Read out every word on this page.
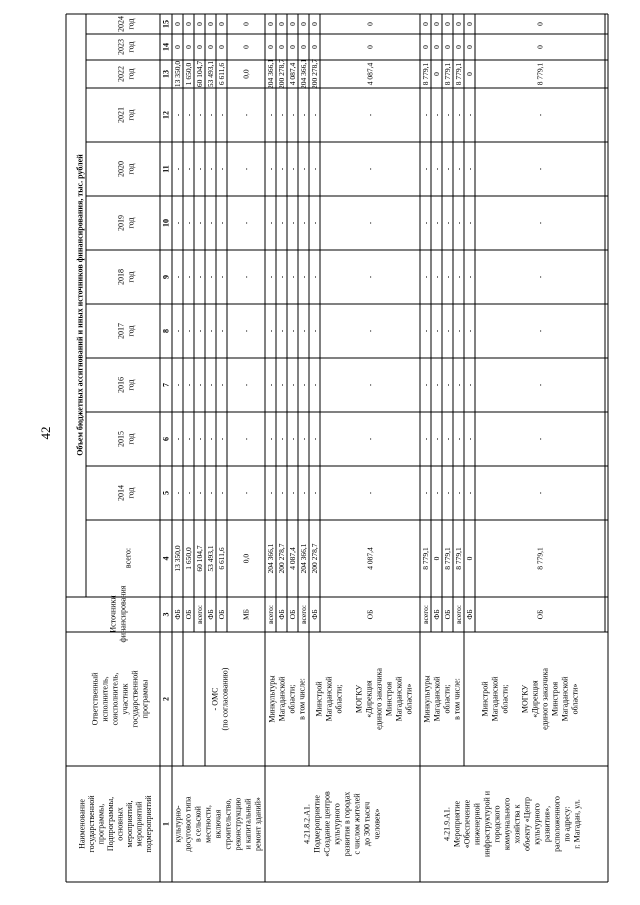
42	Объем бюджетных ассигнований и иных источников финансирования, тыс. рублей
Наименование государственной программы, Подпрограммы, основных мероприятий, мероприятий подмероприятий
Ответственный исполнитель, соисполнитель, участник государственной программы
Источники финансирования
всего:
2014 год
2015 год
2016 год
2017 год
2018 год
2019 год
2020 год
2021 год
2022 год
2023 год
2024 год
1
2
3
4
5
6
7
8
9
10
11
12
13
14
15
ФБ
13 350,0
-
-
-
-
-
-
-
-
13 350,0
0
0
ОБ
1 650,0
-
-
-
-
-
-
-
-
1 650,0
0
0
всего:
60 104,7
-
-
-
-
-
-
-
-
60 104,7
0
0
ФБ
53 493,1
-
-
-
-
-
-
-
-
53 493,1
0
0
ОБ
6 611,6
-
-
-
-
-
-
-
-
6 611,6
0
0
МБ
0,0
-
-
-
-
-
-
-
-
0,0
0
0
всего:
204 366,1
-
-
-
-
-
-
-
-
204 366,1
0
0
ФБ
200 278,7
-
-
-
-
-
-
-
-
200 278,7
0
0
ОБ
4 087,4
-
-
-
-
-
-
-
-
4 087,4
0
0
всего:
204 366,1
-
-
-
-
-
-
-
-
204 366,1
0
0
ФБ
200 278,7
-
-
-
-
-
-
-
-
200 278,7
0
0
ОБ
4 087,4
-
-
-
-
-
-
-
-
4 087,4
0
0
всего:
8 779,1
-
-
-
-
-
-
-
-
8 779,1
0
0
ФБ
0
-
-
-
-
-
-
-
-
0
0
0
ОБ
8 779,1
-
-
-
-
-
-
-
-
8 779,1
0
0
всего:
8 779,1
-
-
-
-
-
-
-
-
8 779,1
0
0
ФБ
0
-
-
-
-
-
-
-
-
0
0
0
ОБ
8 779,1
-
-
-
-
-
-
-
-
8 779,1
0
0
культурно- досугового типа в сельской местности, включая строительство, реконструкцию и капитальный ремонт зданий»
- ОМС (по согласованию)
4.21.8.2.А1. Подмероприятие «Создание центров культурного развития в городах с числом жителей до 300 тысяч человек»
Минкультуры Магаданской области; в том числе: Минстрой Магаданской области; МОГКУ «Дирекция единого заказчика Минстроя Магаданской области»
4.21.9.А1. Мероприятие «Обеспечение инженерной инфраструктурой и городского коммунального хозяйства к объекту «Центр культурного развития», расположенного по адресу: г. Магадан, ул.
Минкультуры Магаданской области; в том числе: Минстрой Магаданской области; МОГКУ «Дирекция единого заказчика Минстроя Магаданской области»
